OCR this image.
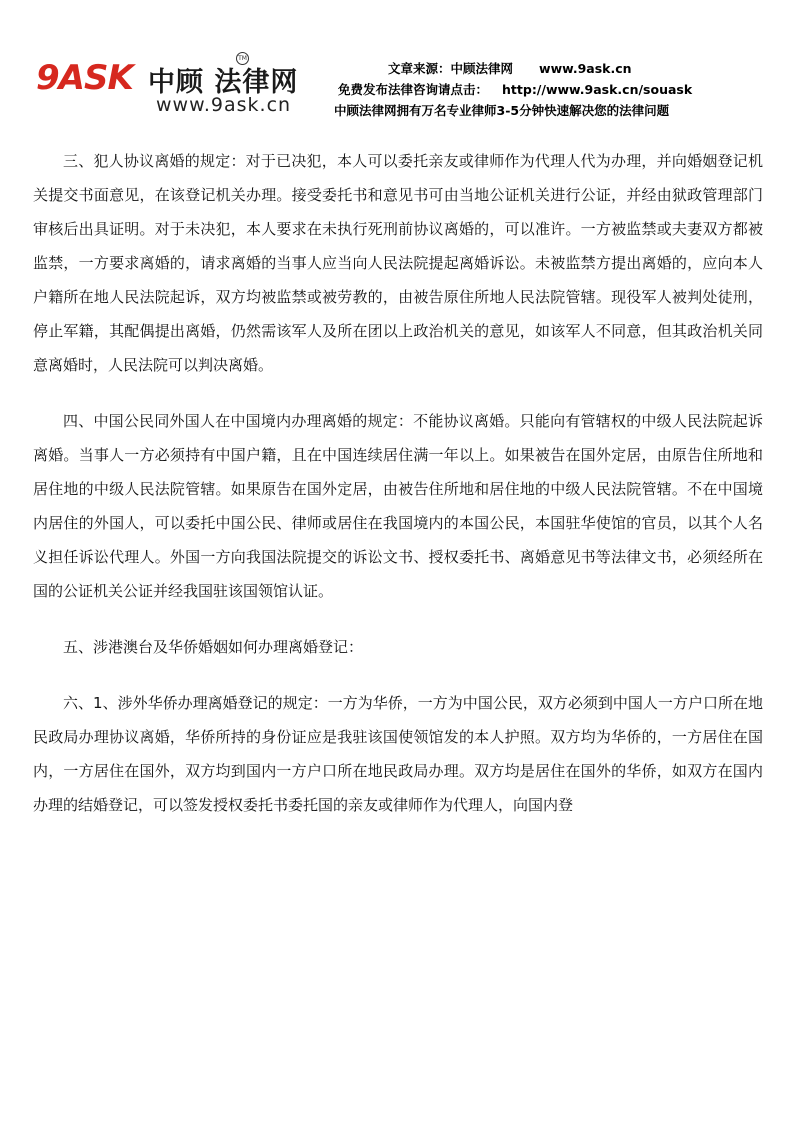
9ASK 中顾 法律网
TM
www.9ask.cn
文章来源：中顾法律网 www.9ask.cn
免费发布法律咨询请点击： http://www.9ask.cn/souask
中顾法律网拥有万名专业律师3-5分钟快速解决您的法律问题

三、犯人协议离婚的规定：对于已决犯，本人可以委托亲友或律师作为代理人代为办理，并向婚姻登记机关提交书面意见，在该登记机关办理。接受委托书和意见书可由当地公证机关进行公证，并经由狱政管理部门审核后出具证明。对于未决犯，本人要求在未执行死刑前协议离婚的，可以准许。一方被监禁或夫妻双方都被监禁，一方要求离婚的，请求离婚的当事人应当向人民法院提起离婚诉讼。未被监禁方提出离婚的，应向本人户籍所在地人民法院起诉，双方均被监禁或被劳教的，由被告原住所地人民法院管辖。现役军人被判处徒刑，停止军籍，其配偶提出离婚，仍然需该军人及所在团以上政治机关的意见，如该军人不同意，但其政治机关同意离婚时，人民法院可以判决离婚。

四、中国公民同外国人在中国境内办理离婚的规定：不能协议离婚。只能向有管辖权的中级人民法院起诉离婚。当事人一方必须持有中国户籍，且在中国连续居住满一年以上。如果被告在国外定居，由原告住所地和居住地的中级人民法院管辖。如果原告在国外定居，由被告住所地和居住地的中级人民法院管辖。不在中国境内居住的外国人，可以委托中国公民、律师或居住在我国境内的本国公民，本国驻华使馆的官员，以其个人名义担任诉讼代理人。外国一方向我国法院提交的诉讼文书、授权委托书、离婚意见书等法律文书，必须经所在国的公证机关公证并经我国驻该国领馆认证。

五、涉港澳台及华侨婚姻如何办理离婚登记：

六、1、涉外华侨办理离婚登记的规定：一方为华侨，一方为中国公民，双方必须到中国人一方户口所在地民政局办理协议离婚，华侨所持的身份证应是我驻该国使领馆发的本人护照。双方均为华侨的，一方居住在国内，一方居住在国外，双方均到国内一方户口所在地民政局办理。双方均是居住在国外的华侨，如双方在国内办理的结婚登记，可以签发授权委托书委托国的亲友或律师作为代理人，向国内登
